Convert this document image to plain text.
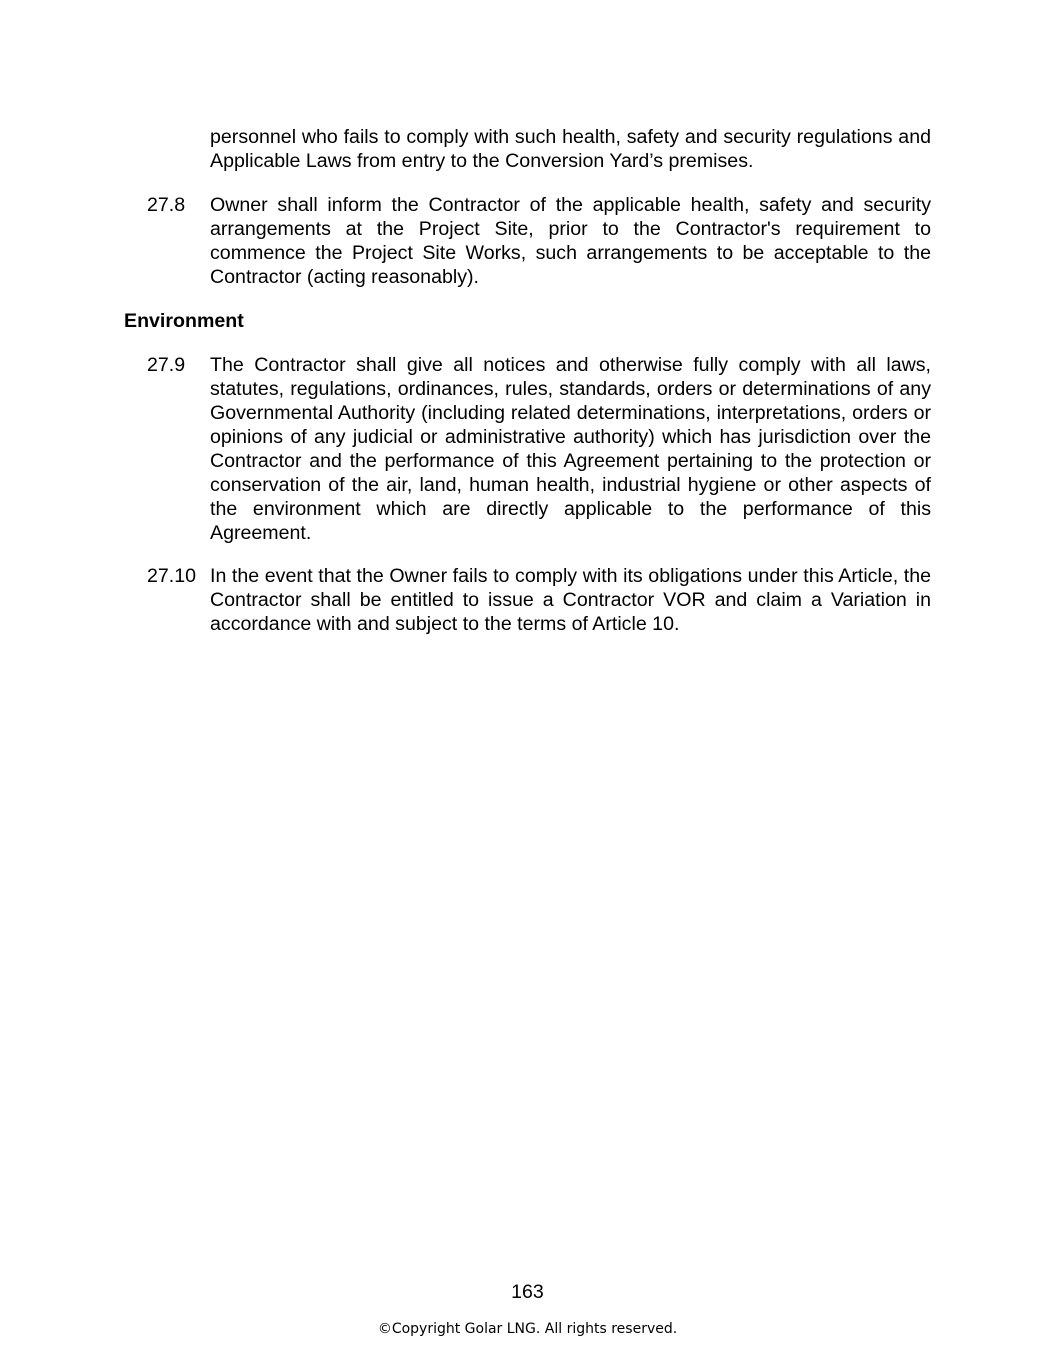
personnel who fails to comply with such health, safety and security regulations and Applicable Laws from entry to the Conversion Yard’s premises.
27.8	Owner shall inform the Contractor of the applicable health, safety and security arrangements at the Project Site, prior to the Contractor's requirement to commence the Project Site Works, such arrangements to be acceptable to the Contractor (acting reasonably).
Environment
27.9	The Contractor shall give all notices and otherwise fully comply with all laws, statutes, regulations, ordinances, rules, standards, orders or determinations of any Governmental Authority (including related determinations, interpretations, orders or opinions of any judicial or administrative authority) which has jurisdiction over the Contractor and the performance of this Agreement pertaining to the protection or conservation of the air, land, human health, industrial hygiene or other aspects of the environment which are directly applicable to the performance of this Agreement.
27.10 In the event that the Owner fails to comply with its obligations under this Article, the Contractor shall be entitled to issue a Contractor VOR and claim a Variation in accordance with and subject to the terms of Article 10.
163
©Copyright Golar LNG. All rights reserved.
